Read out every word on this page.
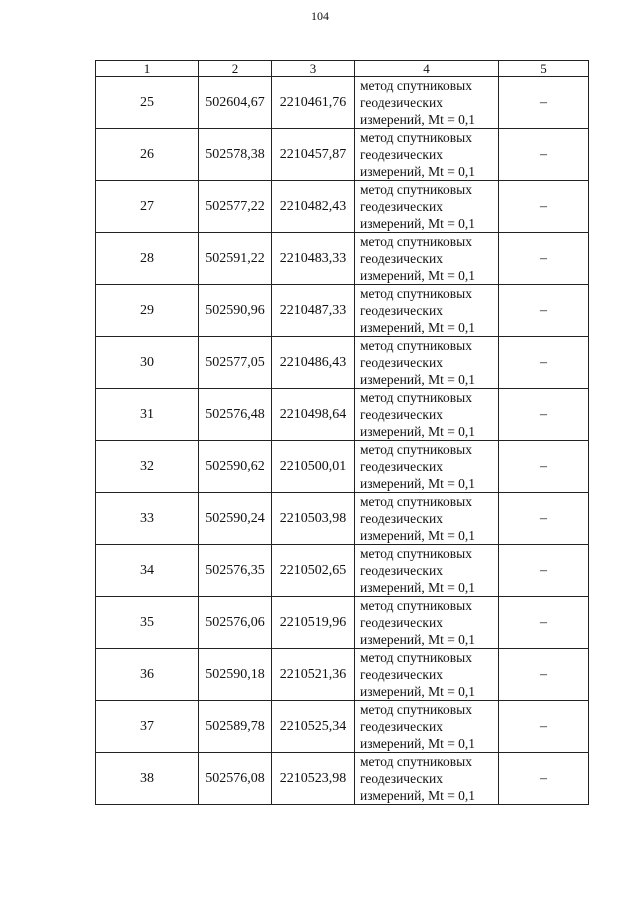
104
1	2	3	4	5
25	502604,67	2210461,76	метод спутниковых
геодезических
измерений, Mt = 0,1	–
26	502578,38	2210457,87	метод спутниковых
геодезических
измерений, Mt = 0,1	–
27	502577,22	2210482,43	метод спутниковых
геодезических
измерений, Mt = 0,1	–
28	502591,22	2210483,33	метод спутниковых
геодезических
измерений, Mt = 0,1	–
29	502590,96	2210487,33	метод спутниковых
геодезических
измерений, Mt = 0,1	–
30	502577,05	2210486,43	метод спутниковых
геодезических
измерений, Mt = 0,1	–
31	502576,48	2210498,64	метод спутниковых
геодезических
измерений, Mt = 0,1	–
32	502590,62	2210500,01	метод спутниковых
геодезических
измерений, Mt = 0,1	–
33	502590,24	2210503,98	метод спутниковых
геодезических
измерений, Mt = 0,1	–
34	502576,35	2210502,65	метод спутниковых
геодезических
измерений, Mt = 0,1	–
35	502576,06	2210519,96	метод спутниковых
геодезических
измерений, Mt = 0,1	–
36	502590,18	2210521,36	метод спутниковых
геодезических
измерений, Mt = 0,1	–
37	502589,78	2210525,34	метод спутниковых
геодезических
измерений, Mt = 0,1	–
38	502576,08	2210523,98	метод спутниковых
геодезических
измерений, Mt = 0,1	–
